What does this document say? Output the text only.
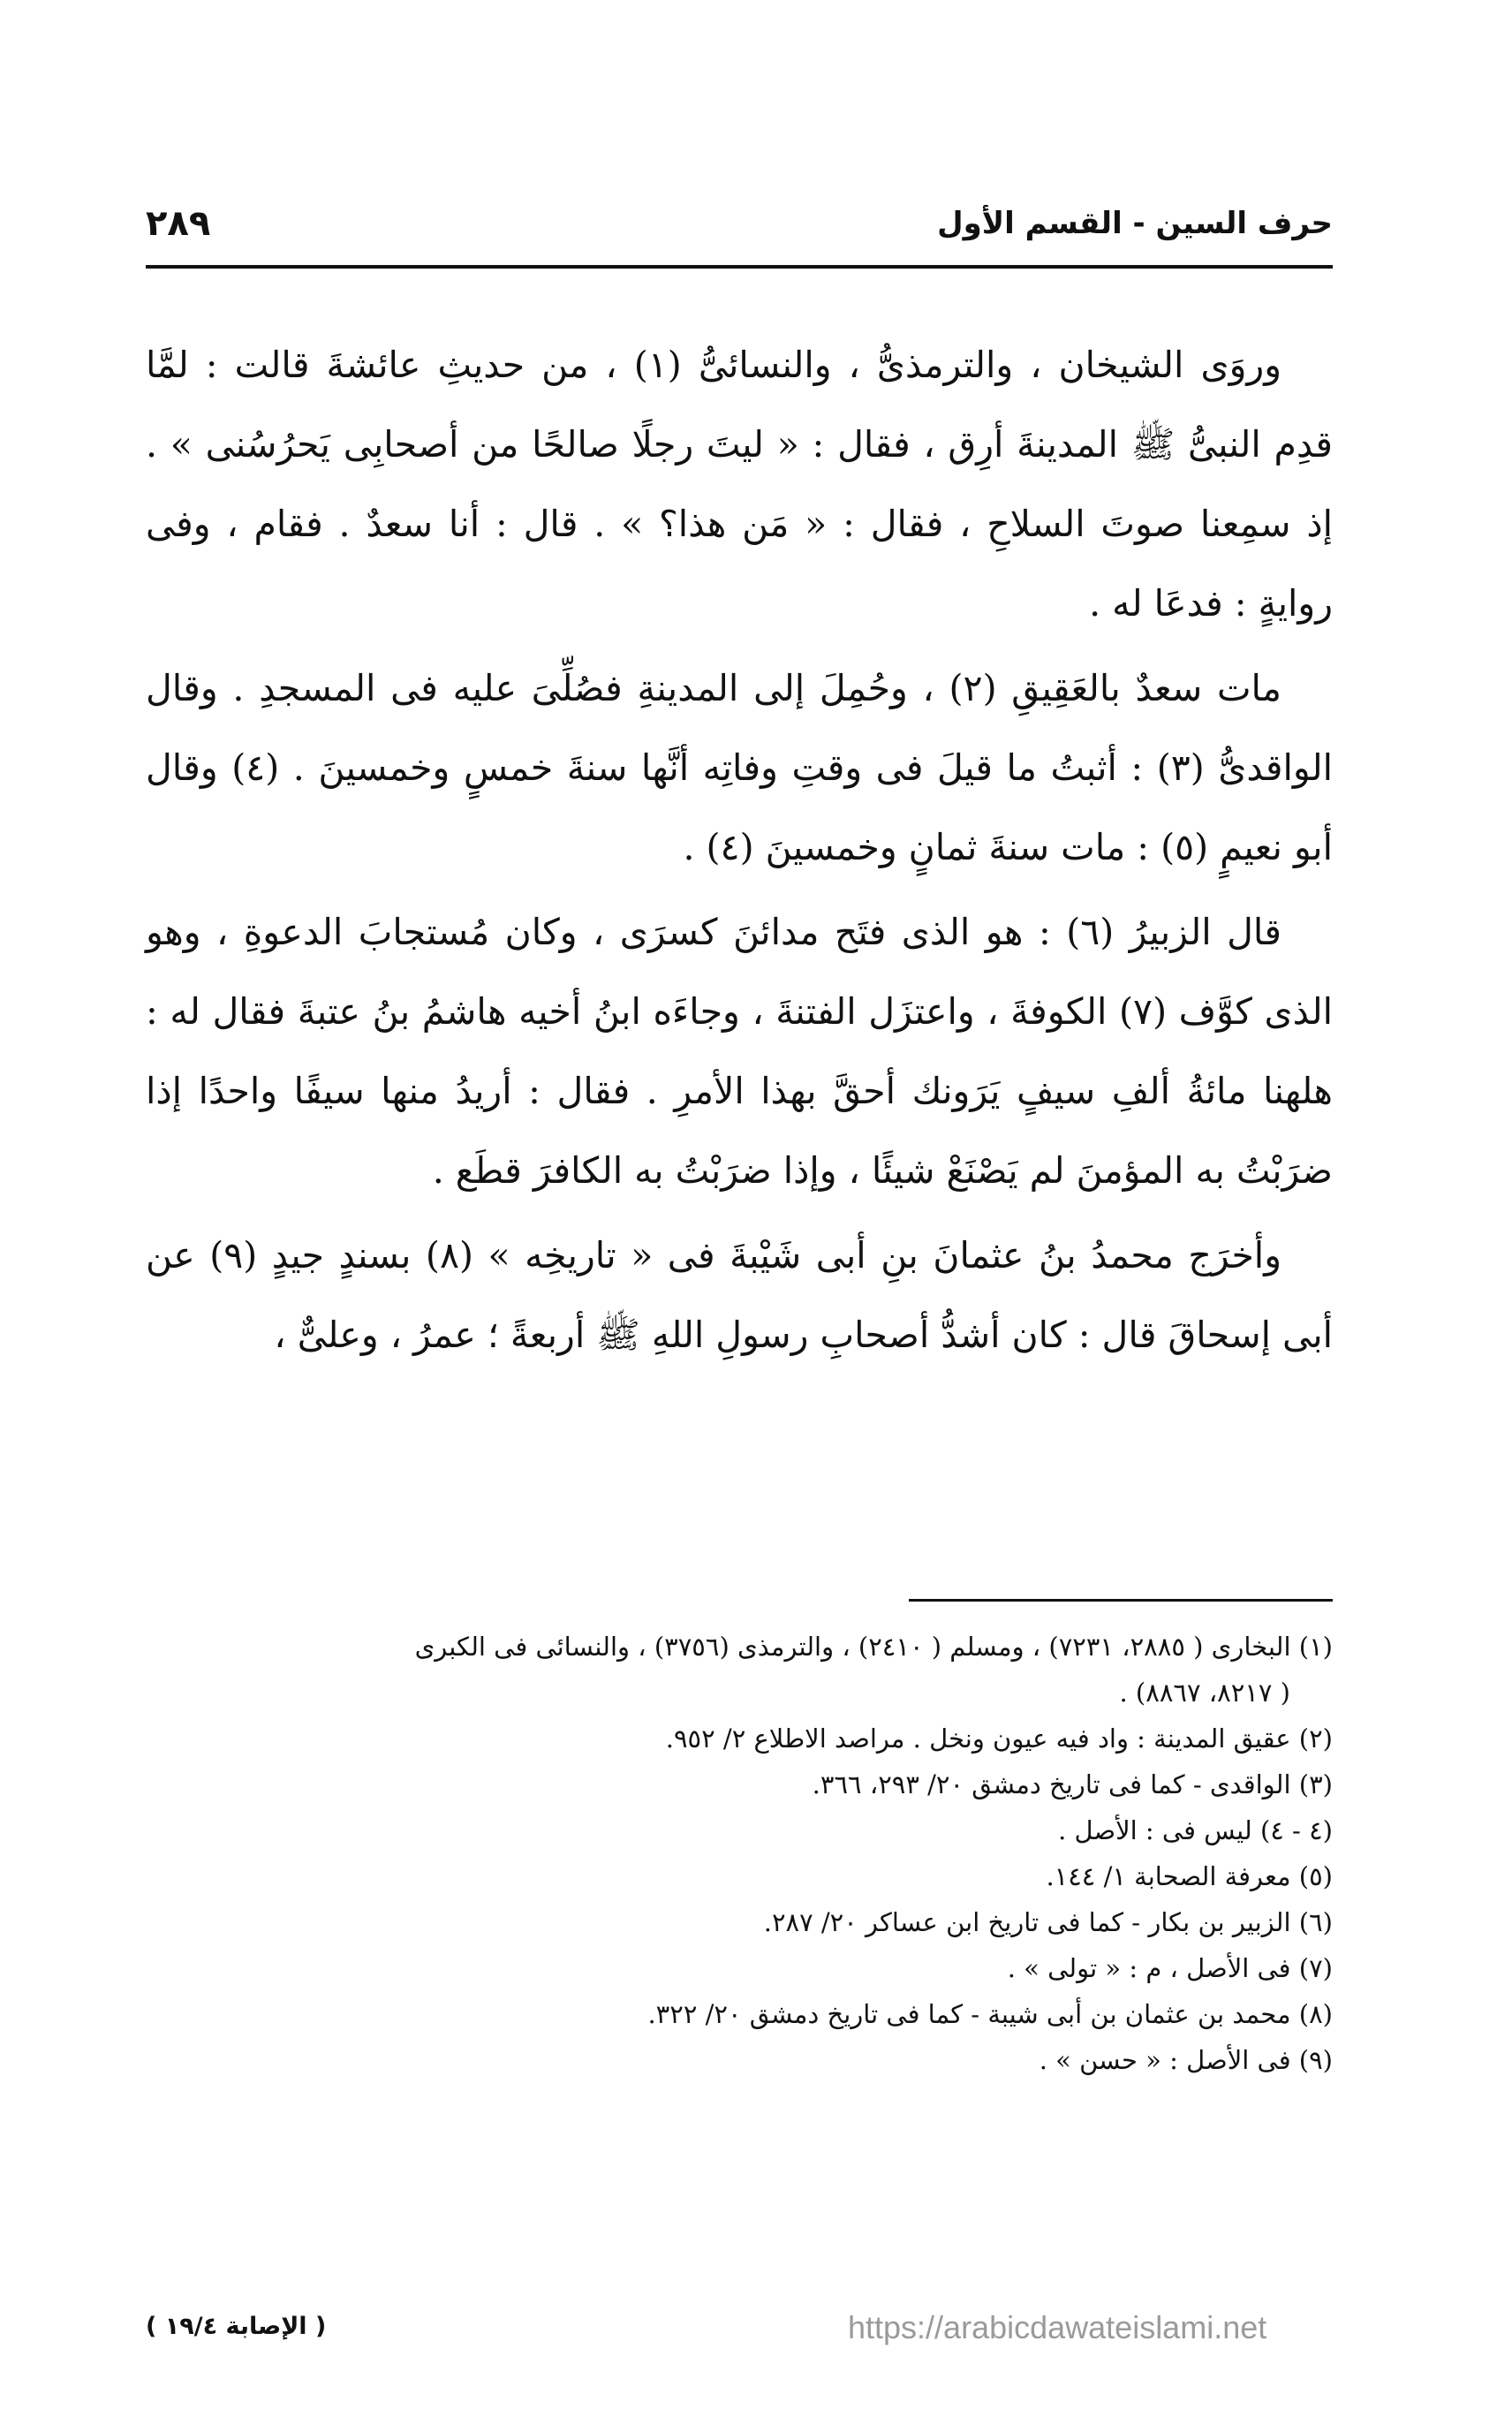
حرف السين - القسم الأول
٢٨٩

وروَى الشيخان ، والترمذىُّ ، والنسائىُّ (١) ، من حديثِ عائشةَ قالت : لمَّا قدِم النبىُّ ﷺ المدينةَ أرِق ، فقال : « ليتَ رجلًا صالحًا من أصحابِى يَحرُسُنى » . إذ سمِعنا صوتَ السلاحِ ، فقال : « مَن هذا؟ » . قال : أنا سعدٌ . فقام ، وفى روايةٍ : فدعَا له .

مات سعدٌ بالعَقِيقِ (٢) ، وحُمِلَ إلى المدينةِ فصُلِّىَ عليه فى المسجدِ . وقال الواقدىُّ (٣) : أثبتُ ما قيلَ فى وقتِ وفاتِه أنَّها سنةَ خمسٍ وخمسينَ . (٤) وقال أبو نعيمٍ (٥) : مات سنةَ ثمانٍ وخمسينَ (٤) .

قال الزبيرُ (٦) : هو الذى فتَح مدائنَ كسرَى ، وكان مُستجابَ الدعوةِ ، وهو الذى كوَّف (٧) الكوفةَ ، واعتزَل الفتنةَ ، وجاءَه ابنُ أخيه هاشمُ بنُ عتبةَ فقال له : هلهنا مائةُ ألفِ سيفٍ يَرَونك أحقَّ بهذا الأمرِ . فقال : أريدُ منها سيفًا واحدًا إذا ضرَبْتُ به المؤمنَ لم يَصْنَعْ شيئًا ، وإذا ضرَبْتُ به الكافرَ قطَع .

وأخرَج محمدُ بنُ عثمانَ بنِ أبى شَيْبةَ فى « تاريخِه » (٨) بسندٍ جيدٍ (٩) عن أبى إسحاقَ قال : كان أشدُّ أصحابِ رسولِ اللهِ ﷺ أربعةً ؛ عمرُ ، وعلىٌّ ،

(١) البخارى ( ٢٨٨٥، ٧٢٣١) ، ومسلم ( ٢٤١٠) ، والترمذى (٣٧٥٦) ، والنسائى فى الكبرى
( ٨٢١٧، ٨٨٦٧) .
(٢) عقيق المدينة : واد فيه عيون ونخل . مراصد الاطلاع ٢/ ٩٥٢.
(٣) الواقدى - كما فى تاريخ دمشق ٢٠/ ٢٩٣، ٣٦٦.
(٤ - ٤) ليس فى : الأصل .
(٥) معرفة الصحابة ١/ ١٤٤.
(٦) الزبير بن بكار - كما فى تاريخ ابن عساكر ٢٠/ ٢٨٧.
(٧) فى الأصل ، م : « تولى » .
(٨) محمد بن عثمان بن أبى شيبة - كما فى تاريخ دمشق ٢٠/ ٣٢٢.
(٩) فى الأصل : « حسن » .
( الإصابة ١٩/٤ )	https://arabicdawateislami.net
